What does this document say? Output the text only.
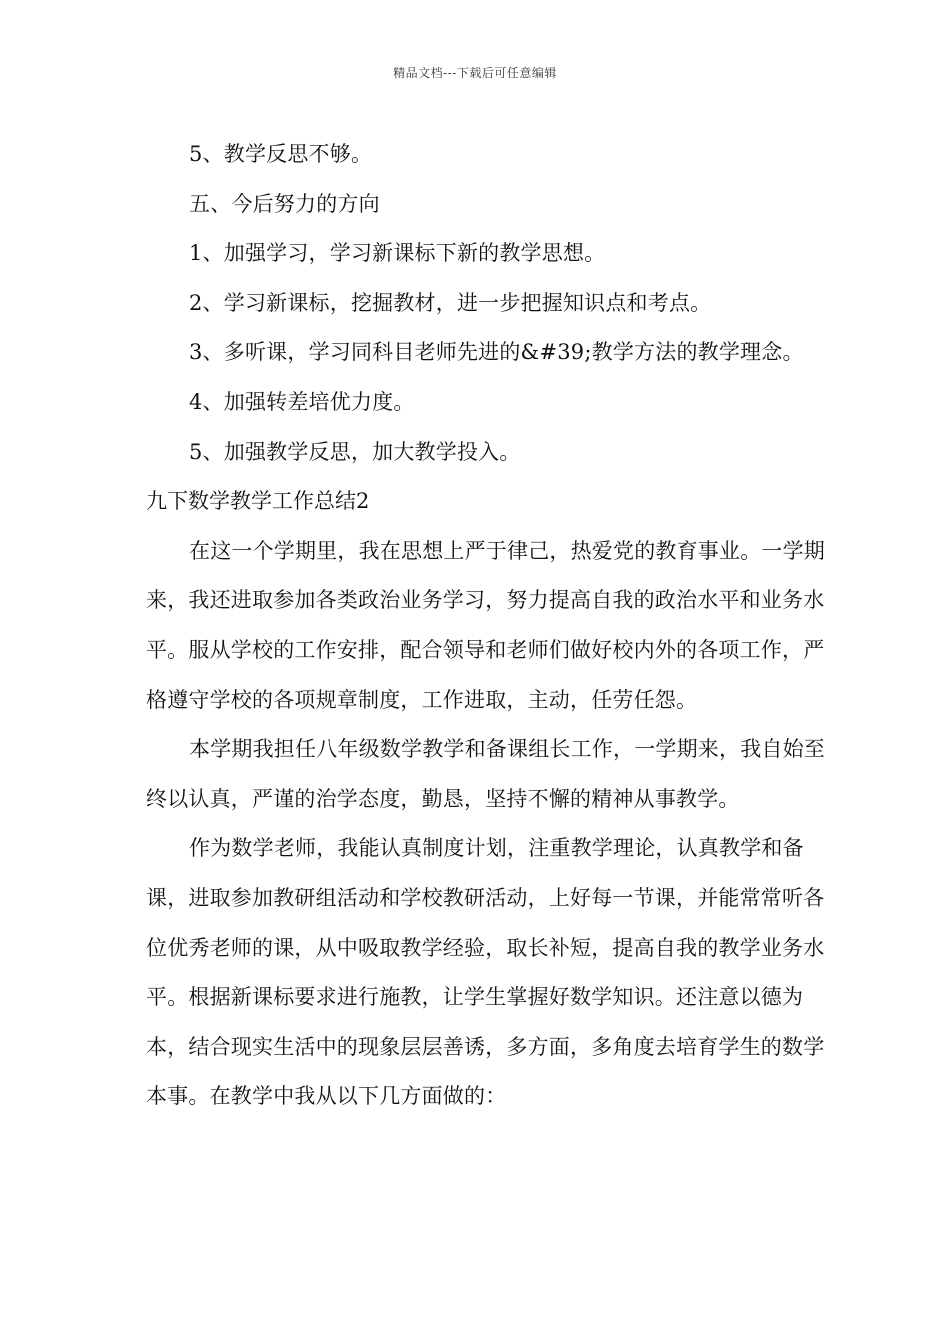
精品文档---下载后可任意编辑

5、教学反思不够。

五、今后努力的方向

1、加强学习，学习新课标下新的教学思想。

2、学习新课标，挖掘教材，进一步把握知识点和考点。

3、多听课，学习同科目老师先进的&#39;教学方法的教学理念。

4、加强转差培优力度。

5、加强教学反思，加大教学投入。

九下数学教学工作总结2

在这一个学期里，我在思想上严于律己，热爱党的教育事业。一学期来，我还进取参加各类政治业务学习，努力提高自我的政治水平和业务水平。服从学校的工作安排，配合领导和老师们做好校内外的各项工作，严格遵守学校的各项规章制度，工作进取，主动，任劳任怨。

本学期我担任八年级数学教学和备课组长工作，一学期来，我自始至终以认真，严谨的治学态度，勤恳，坚持不懈的精神从事教学。

作为数学老师，我能认真制度计划，注重教学理论，认真教学和备课，进取参加教研组活动和学校教研活动，上好每一节课，并能常常听各位优秀老师的课，从中吸取教学经验，取长补短，提高自我的教学业务水平。根据新课标要求进行施教，让学生掌握好数学知识。还注意以德为本，结合现实生活中的现象层层善诱，多方面，多角度去培育学生的数学本事。在教学中我从以下几方面做的：
